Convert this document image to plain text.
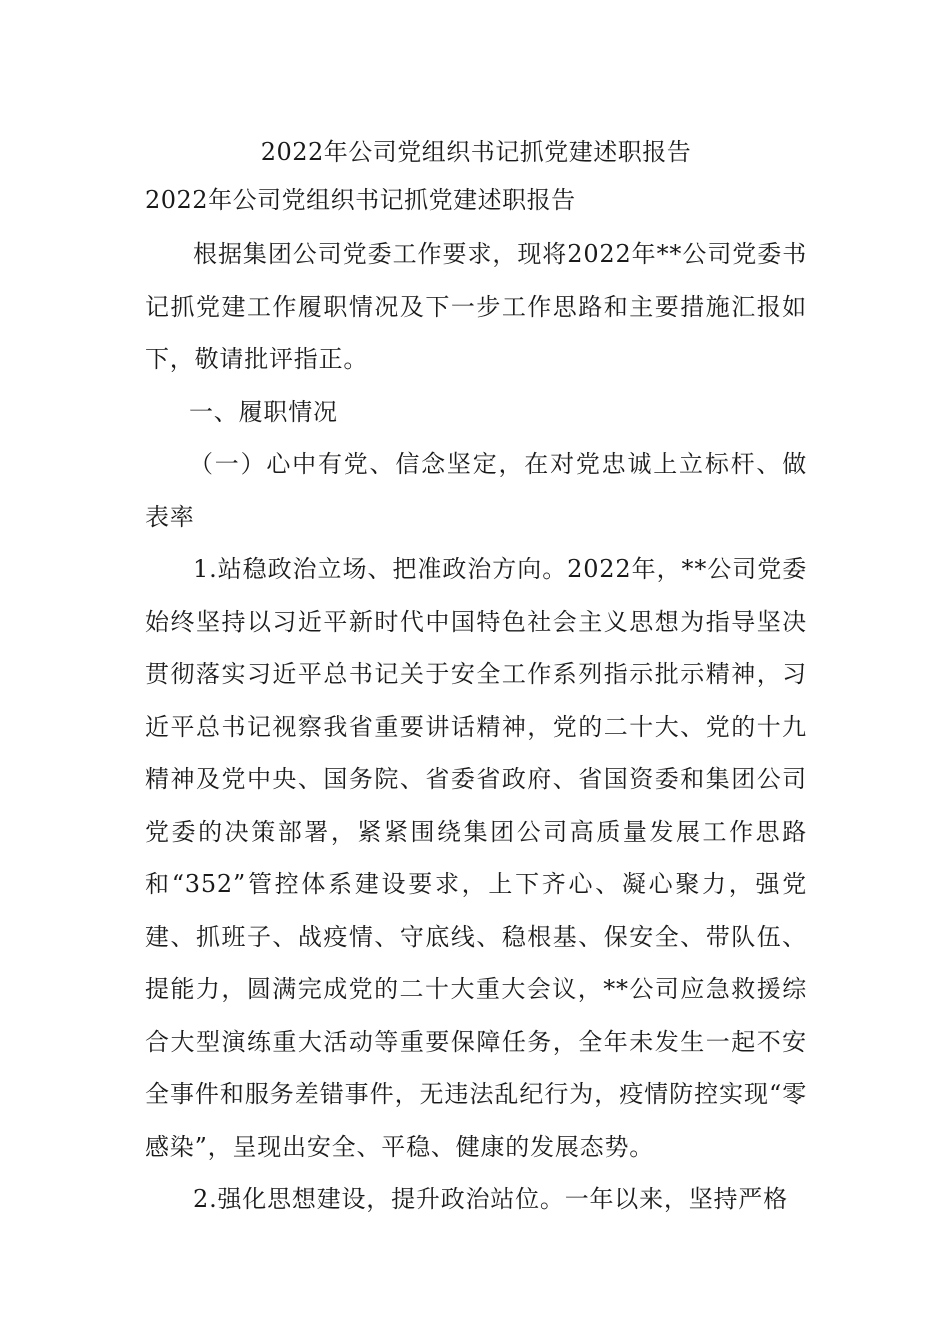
2022年公司党组织书记抓党建述职报告
2022年公司党组织书记抓党建述职报告

根据集团公司党委工作要求，现将2022年**公司党委书记抓党建工作履职情况及下一步工作思路和主要措施汇报如下，敬请批评指正。

一、履职情况

（一）心中有党、信念坚定，在对党忠诚上立标杆、做表率

1.站稳政治立场、把准政治方向。2022年，**公司党委始终坚持以习近平新时代中国特色社会主义思想为指导坚决贯彻落实习近平总书记关于安全工作系列指示批示精神，习近平总书记视察我省重要讲话精神，党的二十大、党的十九精神及党中央、国务院、省委省政府、省国资委和集团公司党委的决策部署，紧紧围绕集团公司高质量发展工作思路和“352”管控体系建设要求，上下齐心、凝心聚力，强党建、抓班子、战疫情、守底线、稳根基、保安全、带队伍、提能力，圆满完成党的二十大重大会议，**公司应急救援综合大型演练重大活动等重要保障任务，全年未发生一起不安全事件和服务差错事件，无违法乱纪行为，疫情防控实现“零感染”，呈现出安全、平稳、健康的发展态势。

2.强化思想建设，提升政治站位。一年以来，坚持严格
